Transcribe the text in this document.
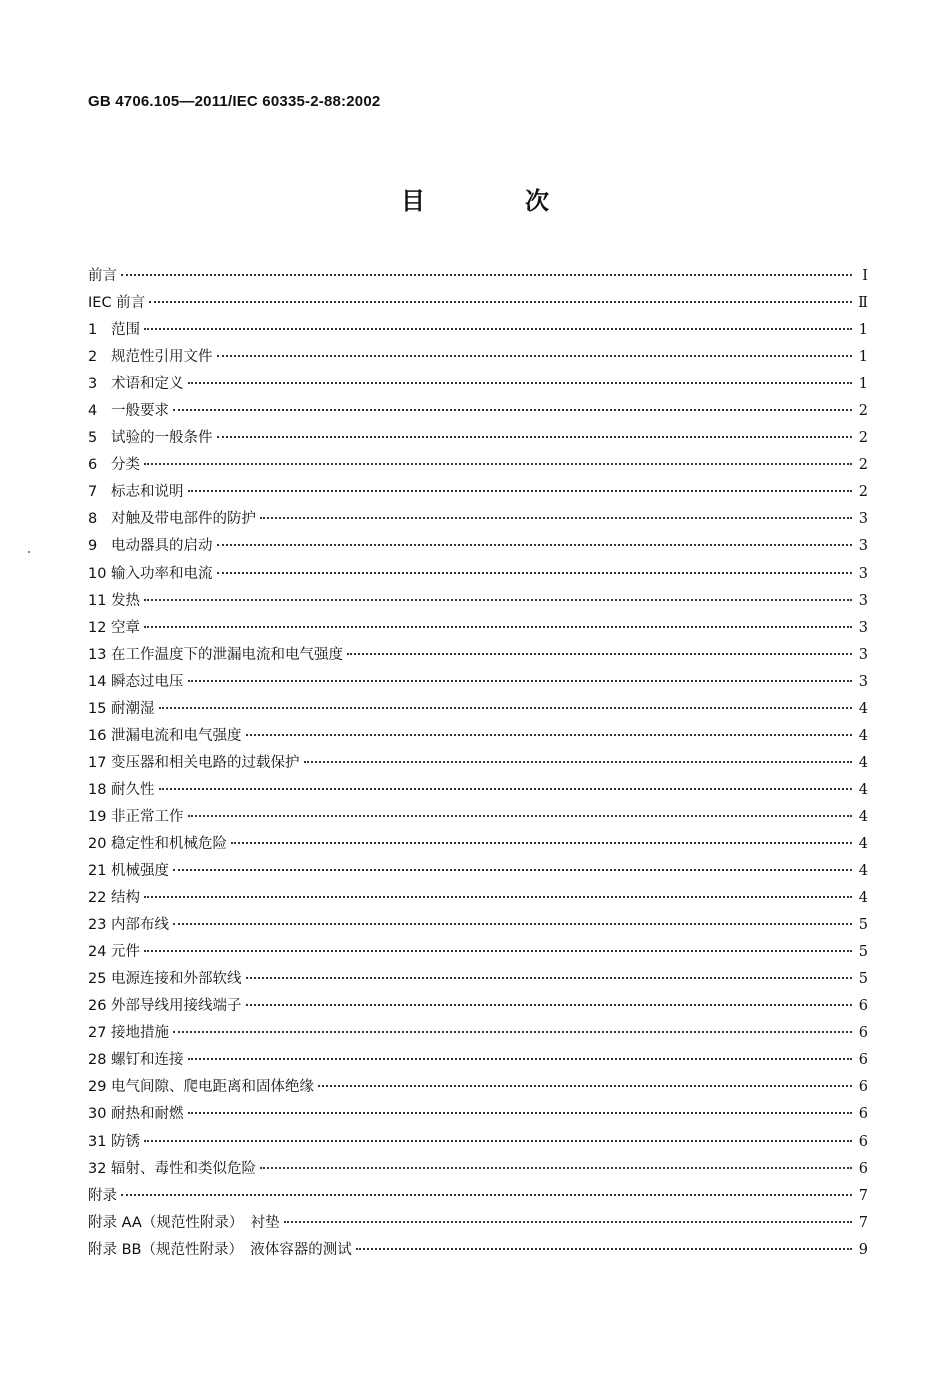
GB 4706.105—2011/IEC 60335-2-88:2002
目　次
前言	Ⅰ
IEC 前言	Ⅱ
1 范围	1
2 规范性引用文件	1
3 术语和定义	1
4 一般要求	2
5 试验的一般条件	2
6 分类	2
7 标志和说明	2
8 对触及带电部件的防护	3
9 电动器具的启动	3
10 输入功率和电流	3
11 发热	3
12 空章	3
13 在工作温度下的泄漏电流和电气强度	3
14 瞬态过电压	3
15 耐潮湿	4
16 泄漏电流和电气强度	4
17 变压器和相关电路的过载保护	4
18 耐久性	4
19 非正常工作	4
20 稳定性和机械危险	4
21 机械强度	4
22 结构	4
23 内部布线	5
24 元件	5
25 电源连接和外部软线	5
26 外部导线用接线端子	6
27 接地措施	6
28 螺钉和连接	6
29 电气间隙、爬电距离和固体绝缘	6
30 耐热和耐燃	6
31 防锈	6
32 辐射、毒性和类似危险	6
附录	7
附录 AA（规范性附录）　衬垫	7
附录 BB（规范性附录）　液体容器的测试	9
